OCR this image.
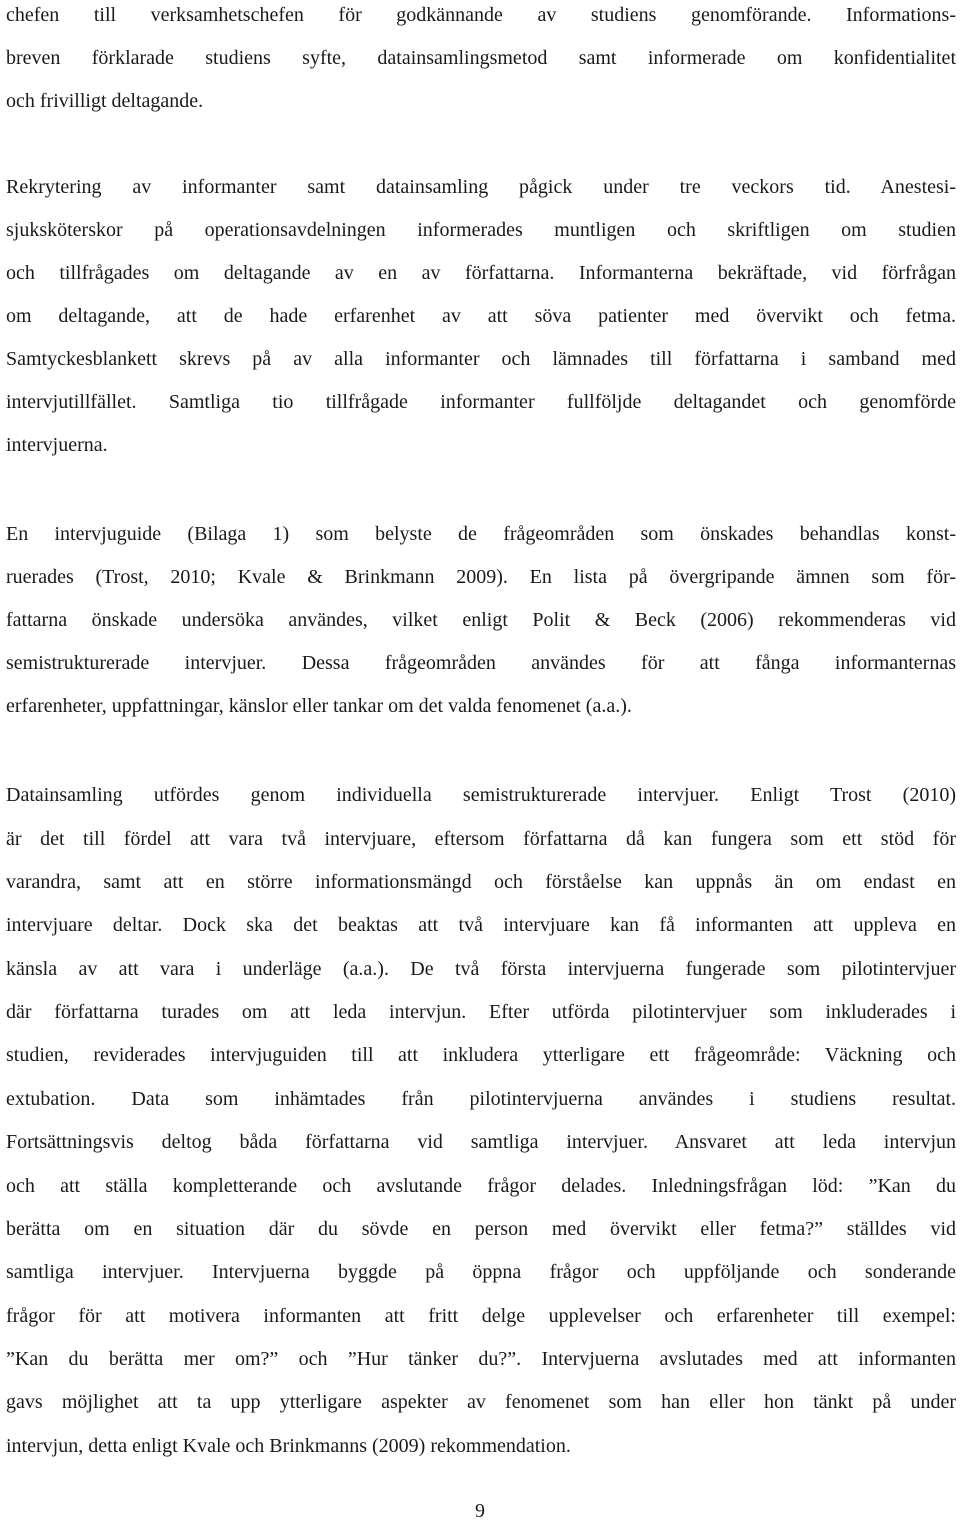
chefen till verksamhetschefen för godkännande av studiens genomförande. Informations-
breven förklarade studiens syfte, datainsamlingsmetod samt informerade om konfidentialitet
och frivilligt deltagande.
Rekrytering av informanter samt datainsamling pågick under tre veckors tid. Anestesi-
sjuksköterskor på operationsavdelningen informerades muntligen och skriftligen om studien
och tillfrågades om deltagande av en av författarna. Informanterna bekräftade, vid förfrågan
om deltagande, att de hade erfarenhet av att söva patienter med övervikt och fetma.
Samtyckesblankett skrevs på av alla informanter och lämnades till författarna i samband med
intervjutillfället. Samtliga tio tillfrågade informanter fullföljde deltagandet och genomförde
intervjuerna.
En intervjuguide (Bilaga 1) som belyste de frågeområden som önskades behandlas konst-
ruerades (Trost, 2010; Kvale & Brinkmann 2009). En lista på övergripande ämnen som för-
fattarna önskade undersöka användes, vilket enligt Polit & Beck (2006) rekommenderas vid
semistrukturerade intervjuer. Dessa frågeområden användes för att fånga informanternas
erfarenheter, uppfattningar, känslor eller tankar om det valda fenomenet (a.a.).
Datainsamling utfördes genom individuella semistrukturerade intervjuer. Enligt Trost (2010)
är det till fördel att vara två intervjuare, eftersom författarna då kan fungera som ett stöd för
varandra, samt att en större informationsmängd och förståelse kan uppnås än om endast en
intervjuare deltar. Dock ska det beaktas att två intervjuare kan få informanten att uppleva en
känsla av att vara i underläge (a.a.). De två första intervjuerna fungerade som pilotintervjuer
där författarna turades om att leda intervjun. Efter utförda pilotintervjuer som inkluderades i
studien, reviderades intervjuguiden till att inkludera ytterligare ett frågeområde: Väckning och
extubation. Data som inhämtades från pilotintervjuerna användes i studiens resultat.
Fortsättningsvis deltog båda författarna vid samtliga intervjuer. Ansvaret att leda intervjun
och att ställa kompletterande och avslutande frågor delades. Inledningsfrågan löd: ”Kan du
berätta om en situation där du sövde en person med övervikt eller fetma?” ställdes vid
samtliga intervjuer. Intervjuerna byggde på öppna frågor och uppföljande och sonderande
frågor för att motivera informanten att fritt delge upplevelser och erfarenheter till exempel:
”Kan du berätta mer om?” och ”Hur tänker du?”. Intervjuerna avslutades med att informanten
gavs möjlighet att ta upp ytterligare aspekter av fenomenet som han eller hon tänkt på under
intervjun, detta enligt Kvale och Brinkmanns (2009) rekommendation.
9
